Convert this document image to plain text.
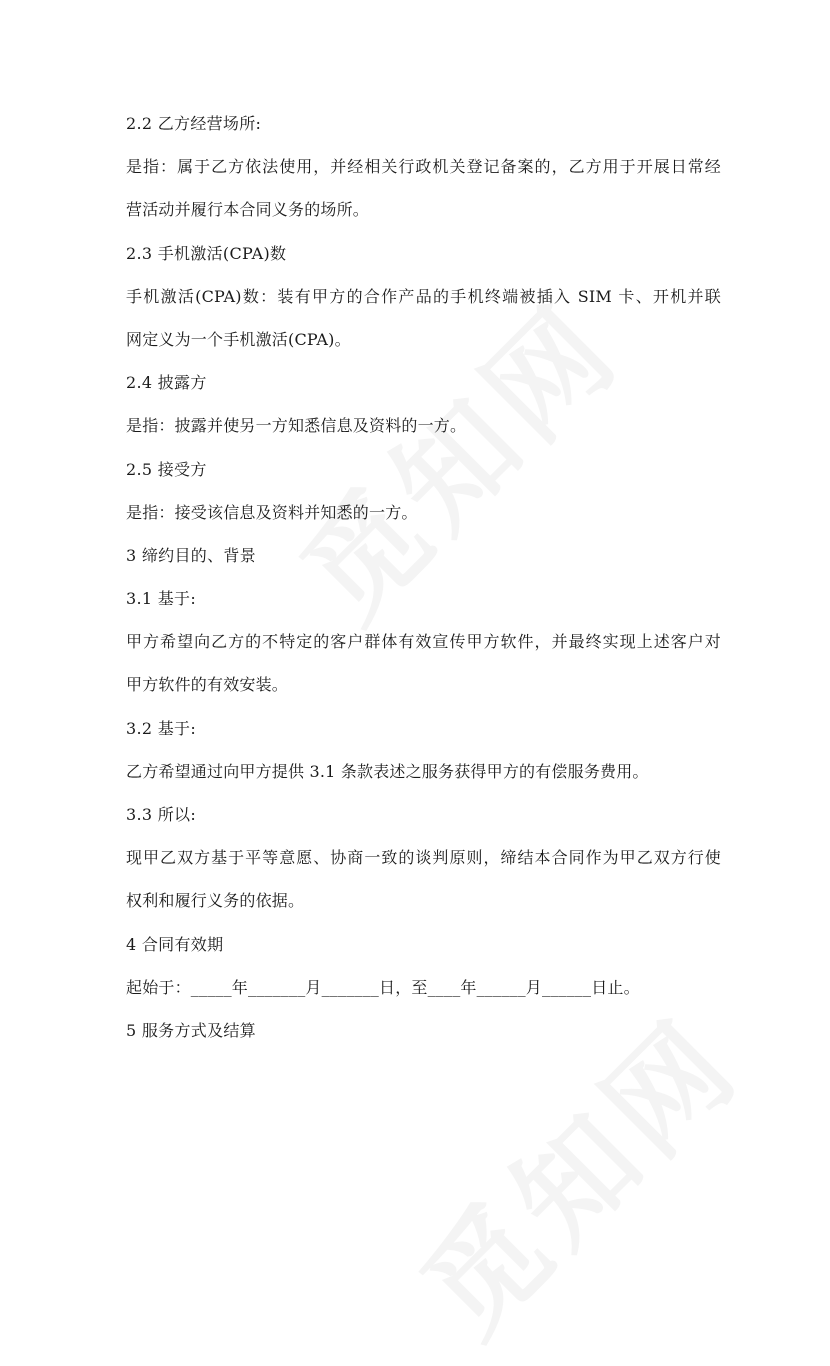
2.2 乙方经营场所:
是指：属于乙方依法使用，并经相关行政机关登记备案的，乙方用于开展日常经
营活动并履行本合同义务的场所。
2.3 手机激活(CPA)数
手机激活(CPA)数：装有甲方的合作产品的手机终端被插入 SIM 卡、开机并联
网定义为一个手机激活(CPA)。
2.4 披露方
是指：披露并使另一方知悉信息及资料的一方。
2.5 接受方
是指：接受该信息及资料并知悉的一方。
3 缔约目的、背景
3.1 基于:
甲方希望向乙方的不特定的客户群体有效宣传甲方软件，并最终实现上述客户对
甲方软件的有效安装。
3.2 基于:
乙方希望通过向甲方提供 3.1 条款表述之服务获得甲方的有偿服务费用。
3.3 所以:
现甲乙双方基于平等意愿、协商一致的谈判原则，缔结本合同作为甲乙双方行使
权利和履行义务的依据。
4 合同有效期
起始于：_____年_______月_______日，至____年______月______日止。
5 服务方式及结算
